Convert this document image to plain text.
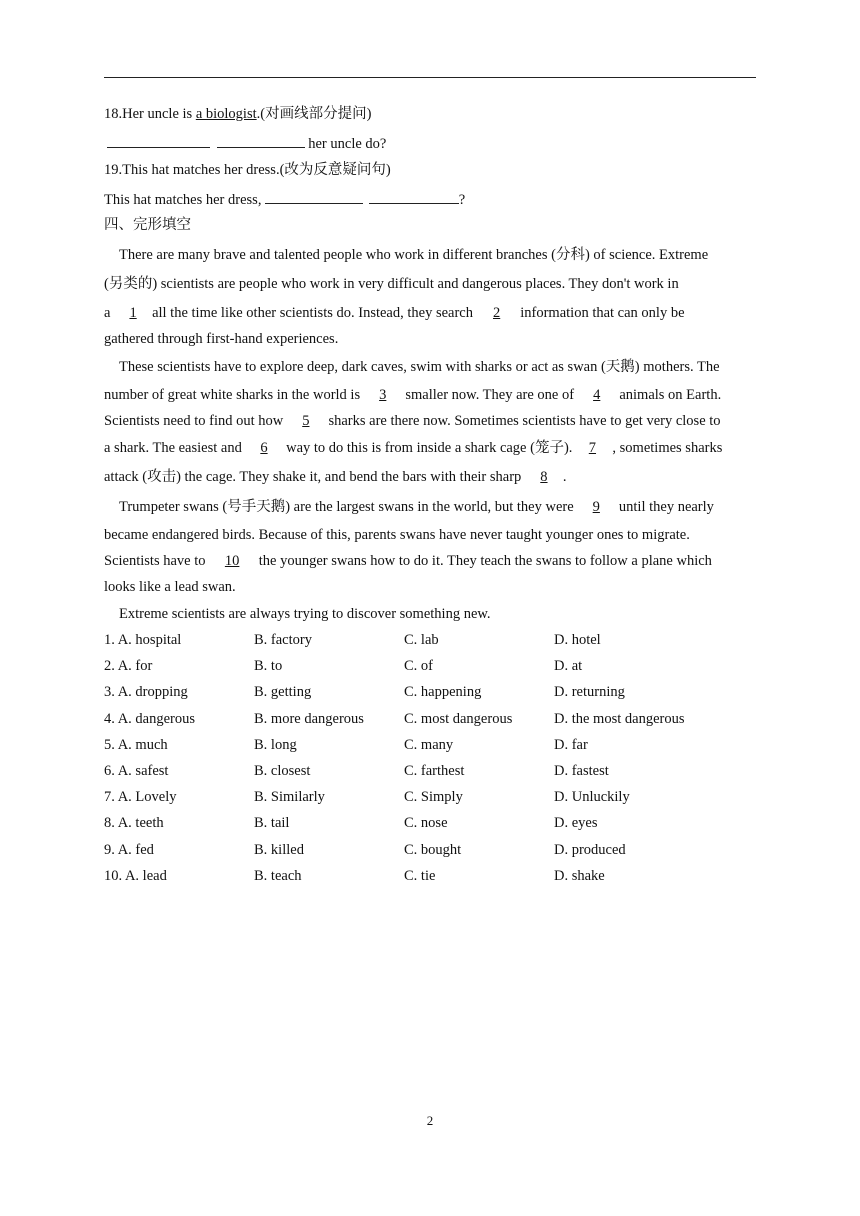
18.Her uncle is a biologist.(对画线部分提问)
her uncle do?
19.This hat matches her dress.(改为反意疑问句)
This hat matches her dress,	?
四、完形填空
There are many brave and talented people who work in different branches (分科) of science. Extreme
(另类的) scientists are people who work in very difficult and dangerous places. They don't work in
a 1 all the time like other scientists do. Instead, they search 2 information that can only be
gathered through first-hand experiences.
These scientists have to explore deep, dark caves, swim with sharks or act as swan (天鹅) mothers. The
number of great white sharks in the world is 3 smaller now. They are one of 4 animals on Earth.
Scientists need to find out how 5 sharks are there now. Sometimes scientists have to get very close to
a shark. The easiest and 6 way to do this is from inside a shark cage (笼子). 7 , sometimes sharks
attack (攻击) the cage. They shake it, and bend the bars with their sharp 8 .
Trumpeter swans (号手天鹅) are the largest swans in the world, but they were 9 until they nearly
became endangered birds. Because of this, parents swans have never taught younger ones to migrate.
Scientists have to 10 the younger swans how to do it. They teach the swans to follow a plane which
looks like a lead swan.
Extreme scientists are always trying to discover something new.
1. A. hospital	B. factory	C. lab	D. hotel
2. A. for	B. to	C. of	D. at
3. A. dropping	B. getting	C. happening	D. returning
4. A. dangerous	B. more dangerous	C. most dangerous	D. the most dangerous
5. A. much	B. long	C. many	D. far
6. A. safest	B. closest	C. farthest	D. fastest
7. A. Lovely	B. Similarly	C. Simply	D. Unluckily
8. A. teeth	B. tail	C. nose	D. eyes
9. A. fed	B. killed	C. bought	D. produced
10. A. lead	B. teach	C. tie	D. shake
2
